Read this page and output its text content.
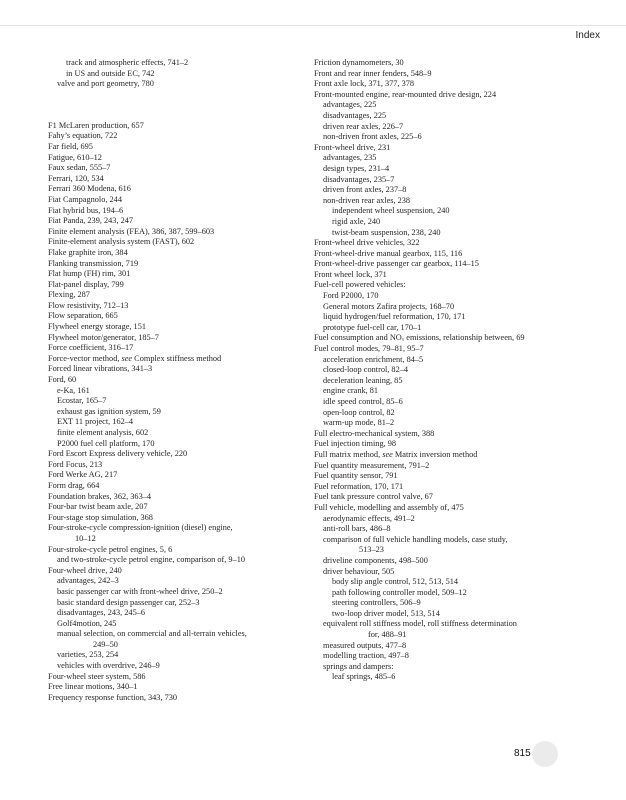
Index
track and atmospheric effects, 741–2
in US and outside EC, 742
valve and port geometry, 780
F1 McLaren production, 657
Fahy’s equation, 722
Far field, 695
Fatigue, 610–12
Faux sedan, 555–7
Ferrari, 120, 534
Ferrari 360 Modena, 616
Fiat Campagnolo, 244
Fiat hybrid bus, 194–6
Fiat Panda, 239, 243, 247
Finite element analysis (FEA), 386, 387, 599–603
Finite-element analysis system (FAST), 602
Flake graphite iron, 384
Flanking transmission, 719
Flat hump (FH) rim, 301
Flat-panel display, 799
Flexing, 287
Flow resistivity, 712–13
Flow separation, 665
Flywheel energy storage, 151
Flywheel motor/generator, 185–7
Force coefficient, 316–17
Force-vector method, see Complex stiffness method
Forced linear vibrations, 341–3
Ford, 60
e-Ka, 161
Ecostar, 165–7
exhaust gas ignition system, 59
EXT 11 project, 162–4
finite element analysis, 602
P2000 fuel cell platform, 170
Ford Escort Express delivery vehicle, 220
Ford Focus, 213
Ford Werke AG, 217
Form drag, 664
Foundation brakes, 362, 363–4
Four-bar twist beam axle, 207
Four-stage stop simulation, 368
Four-stroke-cycle compression-ignition (diesel) engine,
10–12
Four-stroke-cycle petrol engines, 5, 6
and two-stroke-cycle petrol engine, comparison of, 9–10
Four-wheel drive, 240
advantages, 242–3
basic passenger car with front-wheel drive, 250–2
basic standard design passenger car, 252–3
disadvantages, 243, 245–6
Golf4motion, 245
manual selection, on commercial and all-terrain vehicles,
249–50
varieties, 253, 254
vehicles with overdrive, 246–9
Four-wheel steer system, 586
Free linear motions, 340–1
Frequency response function, 343, 730
Friction dynamometers, 30
Front and rear inner fenders, 548–9
Front axle lock, 371, 377, 378
Front-mounted engine, rear-mounted drive design, 224
advantages, 225
disadvantages, 225
driven rear axles, 226–7
non-driven front axles, 225–6
Front-wheel drive, 231
advantages, 235
design types, 231–4
disadvantages, 235–7
driven front axles, 237–8
non-driven rear axles, 238
independent wheel suspension, 240
rigid axle, 240
twist-beam suspension, 238, 240
Front-wheel drive vehicles, 322
Front-wheel-drive manual gearbox, 115, 116
Front-wheel-drive passenger car gearbox, 114–15
Front wheel lock, 371
Fuel-cell powered vehicles:
Ford P2000, 170
General motors Zafira projects, 168–70
liquid hydrogen/fuel reformation, 170, 171
prototype fuel-cell car, 170–1
Fuel consumption and NOₓ emissions, relationship between, 69
Fuel control modes, 79–81, 95–7
acceleration enrichment, 84–5
closed-loop control, 82–4
deceleration leaning, 85
engine crank, 81
idle speed control, 85–6
open-loop control, 82
warm-up mode, 81–2
Full electro-mechanical system, 388
Fuel injection timing, 98
Full matrix method, see Matrix inversion method
Fuel quantity measurement, 791–2
Fuel quantity sensor, 791
Fuel reformation, 170, 171
Fuel tank pressure control valve, 67
Full vehicle, modelling and assembly of, 475
aerodynamic effects, 491–2
anti-roll bars, 486–8
comparison of full vehicle handling models, case study,
513–23
driveline components, 498–500
driver behaviour, 505
body slip angle control, 512, 513, 514
path following controller model, 509–12
steering controllers, 506–9
two-loop driver model, 513, 514
equivalent roll stiffness model, roll stiffness determination
for, 488–91
measured outputs, 477–8
modelling traction, 497–8
springs and dampers:
leaf springs, 485–6
815
